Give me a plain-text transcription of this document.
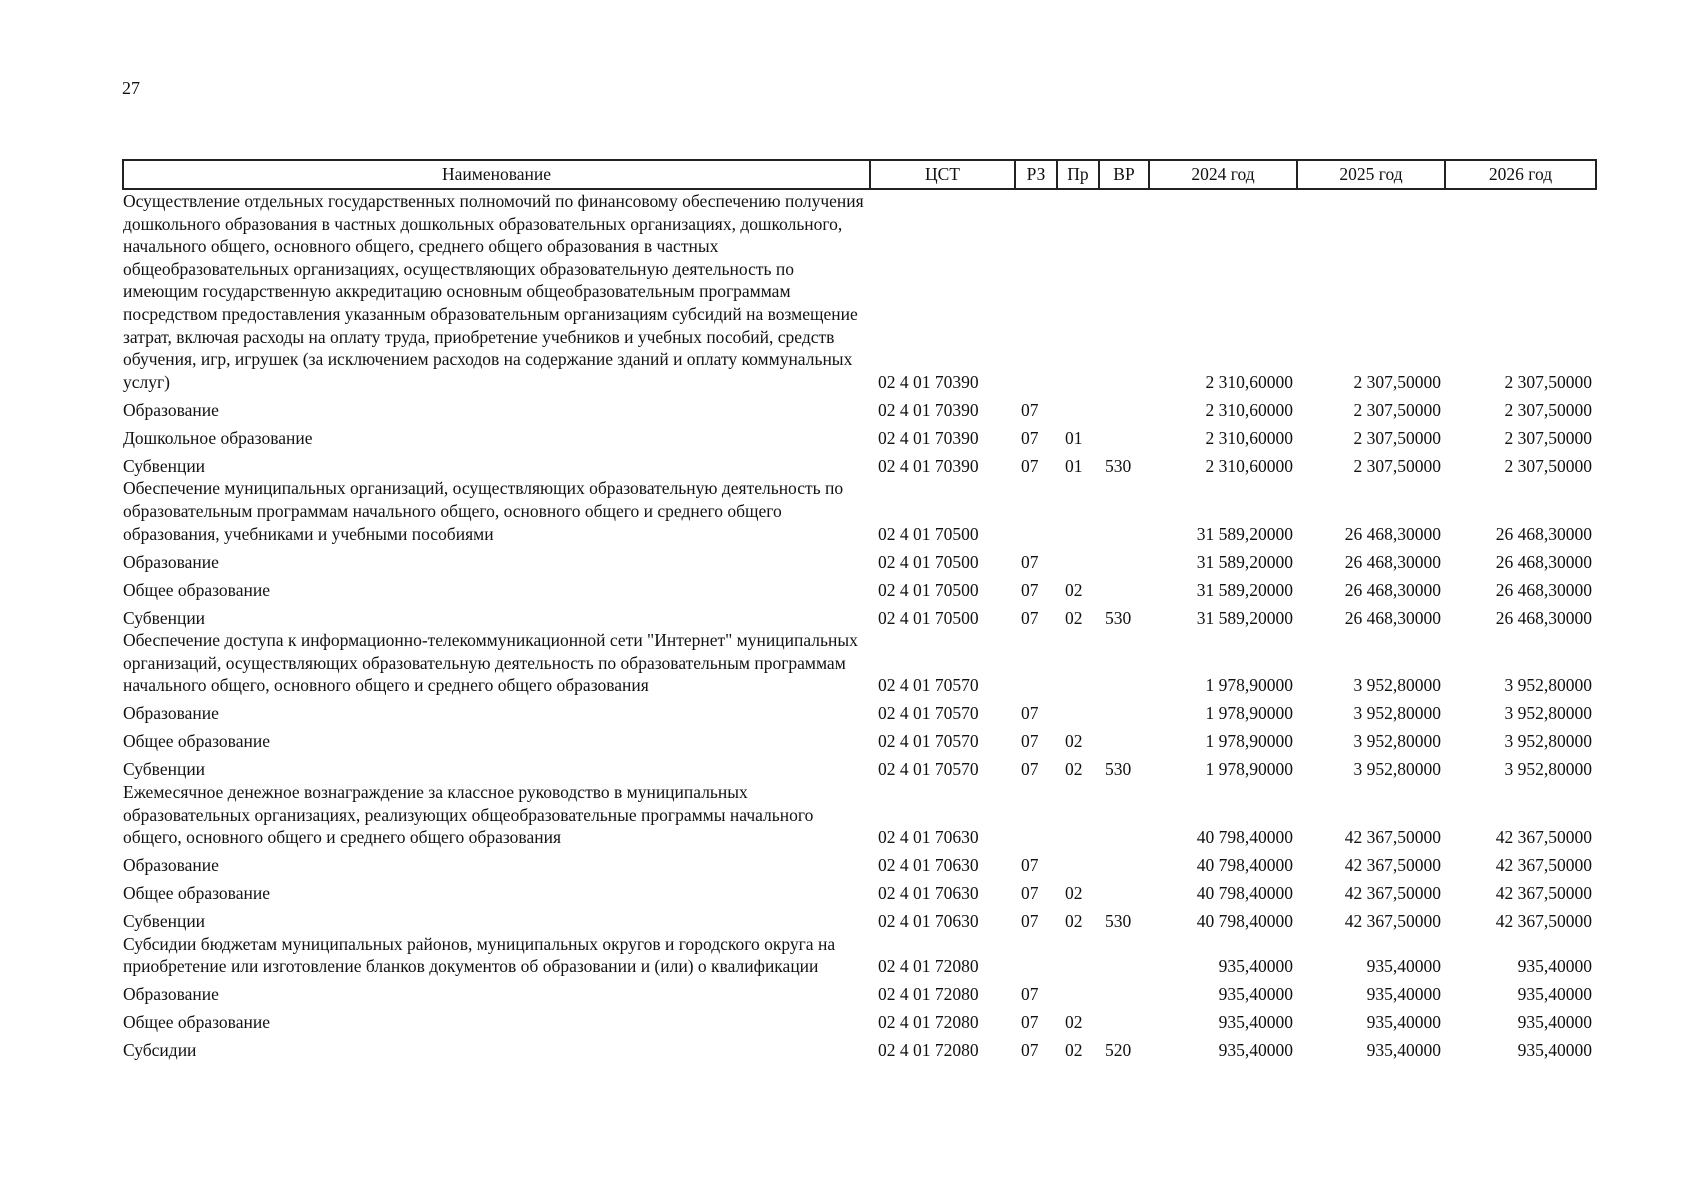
27
Наименование	ЦСТ	РЗ	Пр	ВР	2024 год	2025 год	2026 год
Осуществление отдельных государственных полномочий по финансовому обеспечению получения дошкольного образования в частных дошкольных образовательных организациях, дошкольного, начального общего, основного общего, среднего общего образования в частных общеобразовательных организациях, осуществляющих образовательную деятельность по имеющим государственную аккредитацию основным общеобразовательным программам посредством предоставления указанным образовательным организациям субсидий на возмещение затрат, включая расходы на оплату труда, приобретение учебников и учебных пособий, средств обучения, игр, игрушек (за исключением расходов на содержание зданий и оплату коммунальных услуг)	02 4 01 70390				2 310,60000	2 307,50000	2 307,50000
Образование	02 4 01 70390	07			2 310,60000	2 307,50000	2 307,50000
Дошкольное образование	02 4 01 70390	07	01		2 310,60000	2 307,50000	2 307,50000
Субвенции	02 4 01 70390	07	01	530	2 310,60000	2 307,50000	2 307,50000
Обеспечение муниципальных организаций, осуществляющих образовательную деятельность по образовательным программам начального общего, основного общего и среднего общего образования, учебниками и учебными пособиями	02 4 01 70500				31 589,20000	26 468,30000	26 468,30000
Образование	02 4 01 70500	07			31 589,20000	26 468,30000	26 468,30000
Общее образование	02 4 01 70500	07	02		31 589,20000	26 468,30000	26 468,30000
Субвенции	02 4 01 70500	07	02	530	31 589,20000	26 468,30000	26 468,30000
Обеспечение доступа к информационно-телекоммуникационной сети "Интернет" муниципальных организаций, осуществляющих образовательную деятельность по образовательным программам начального общего, основного общего и среднего общего образования	02 4 01 70570				1 978,90000	3 952,80000	3 952,80000
Образование	02 4 01 70570	07			1 978,90000	3 952,80000	3 952,80000
Общее образование	02 4 01 70570	07	02		1 978,90000	3 952,80000	3 952,80000
Субвенции	02 4 01 70570	07	02	530	1 978,90000	3 952,80000	3 952,80000
Ежемесячное денежное вознаграждение за классное руководство в муниципальных образовательных организациях, реализующих общеобразовательные программы начального общего, основного общего и среднего общего образования	02 4 01 70630				40 798,40000	42 367,50000	42 367,50000
Образование	02 4 01 70630	07			40 798,40000	42 367,50000	42 367,50000
Общее образование	02 4 01 70630	07	02		40 798,40000	42 367,50000	42 367,50000
Субвенции	02 4 01 70630	07	02	530	40 798,40000	42 367,50000	42 367,50000
Субсидии бюджетам муниципальных районов, муниципальных округов и городского округа на приобретение или изготовление бланков документов об образовании и (или) о квалификации	02 4 01 72080				935,40000	935,40000	935,40000
Образование	02 4 01 72080	07			935,40000	935,40000	935,40000
Общее образование	02 4 01 72080	07	02		935,40000	935,40000	935,40000
Субсидии	02 4 01 72080	07	02	520	935,40000	935,40000	935,40000
